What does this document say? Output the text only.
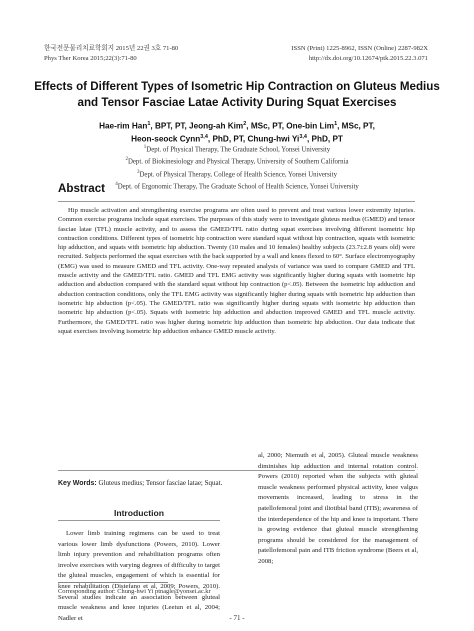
한국전문물리치료학회지 2015년 22권 3호 71-80
Phys Ther Korea 2015;22(3):71-80
ISSN (Print) 1225-8962, ISSN (Online) 2287-982X
http://dx.doi.org/10.12674/ptk.2015.22.3.071
Effects of Different Types of Isometric Hip Contraction on Gluteus Medius and Tensor Fasciae Latae Activity During Squat Exercises
Hae-rim Han$^1$, BPT, PT, Jeong-ah Kim$^2$, MSc, PT, One-bin Lim$^1$, MSc, PT,
Heon-seock Cynn$^{3,4}$, PhD, PT, Chung-hwi Yi$^{3,4}$, PhD, PT
$^1$Dept. of Physical Therapy, The Graduate School, Yonsei University
$^2$Dept. of Biokinesiology and Physical Therapy, University of Southern California
$^3$Dept. of Physical Therapy, College of Health Science, Yonsei University
$^4$Dept. of Ergonomic Therapy, The Graduate School of Health Science, Yonsei University
Abstract
Hip muscle activation and strengthening exercise programs are often used to prevent and treat various lower extremity injuries. Common exercise programs include squat exercises. The purposes of this study were to investigate gluteus medius (GMED) and tensor fasciae latae (TFL) muscle activity, and to assess the GMED/TFL ratio during squat exercises involving different isometric hip contraction conditions. Different types of isometric hip contraction were standard squat without hip contraction, squats with isometric hip adduction, and squats with isometric hip abduction. Twenty (10 males and 10 females) healthy subjects (23.7±2.8 years old) were recruited. Subjects performed the squat exercises with the back supported by a wall and knees flexed to 60°. Surface electromyography (EMG) was used to measure GMED and TFL activity. One-way repeated analysis of variance was used to compare GMED and TFL muscle activity and the GMED/TFL ratio. GMED and TFL EMG activity was significantly higher during squats with isometric hip adduction and abduction compared with the standard squat without hip contraction (p<.05). Between the isometric hip adduction and abduction contraction conditions, only the TFL EMG activity was significantly higher during squats with isometric hip adduction than isometric hip abduction (p<.05). The GMED/TFL ratio was significantly higher during squats with isometric hip adduction than isometric hip abduction (p<.05). Squats with isometric hip adduction and abduction improved GMED and TFL muscle activity. Furthermore, the GMED/TFL ratio was higher during isometric hip adduction than isometric hip abduction. Our data indicate that squat exercises involving isometric hip adduction enhance GMED muscle activity.
Key Words: Gluteus medius; Tensor fasciae latae; Squat.
Introduction
Lower limb training regimens can be used to treat various lower limb dysfunctions (Powers, 2010). Lower limb injury prevention and rehabilitation programs often involve exercises with varying degrees of difficulty to target the gluteal muscles, engagement of which is essential for knee rehabilitation (Distefano et al, 2009; Powers, 2010). Several studies indicate an association between gluteal muscle weakness and knee injuries (Leetun et al, 2004; Nadler et
al, 2000; Niemuth et al, 2005). Gluteal muscle weakness diminishes hip adduction and internal rotation control. Powers (2010) reported when the subjects with gluteal muscle weakness performed physical activity, knee valgus movements increased, leading to stress in the patellofemoral joint and iliotibial band (ITB); awareness of the interdependence of the hip and knee is important. There is growing evidence that gluteal muscle strengthening programs should be considered for the management of patellofemoral pain and ITB friction syndrome (Beers et al, 2008;
Corresponding author: Chung-hwi Yi ptnagle@yonsei.ac.kr
- 71 -
